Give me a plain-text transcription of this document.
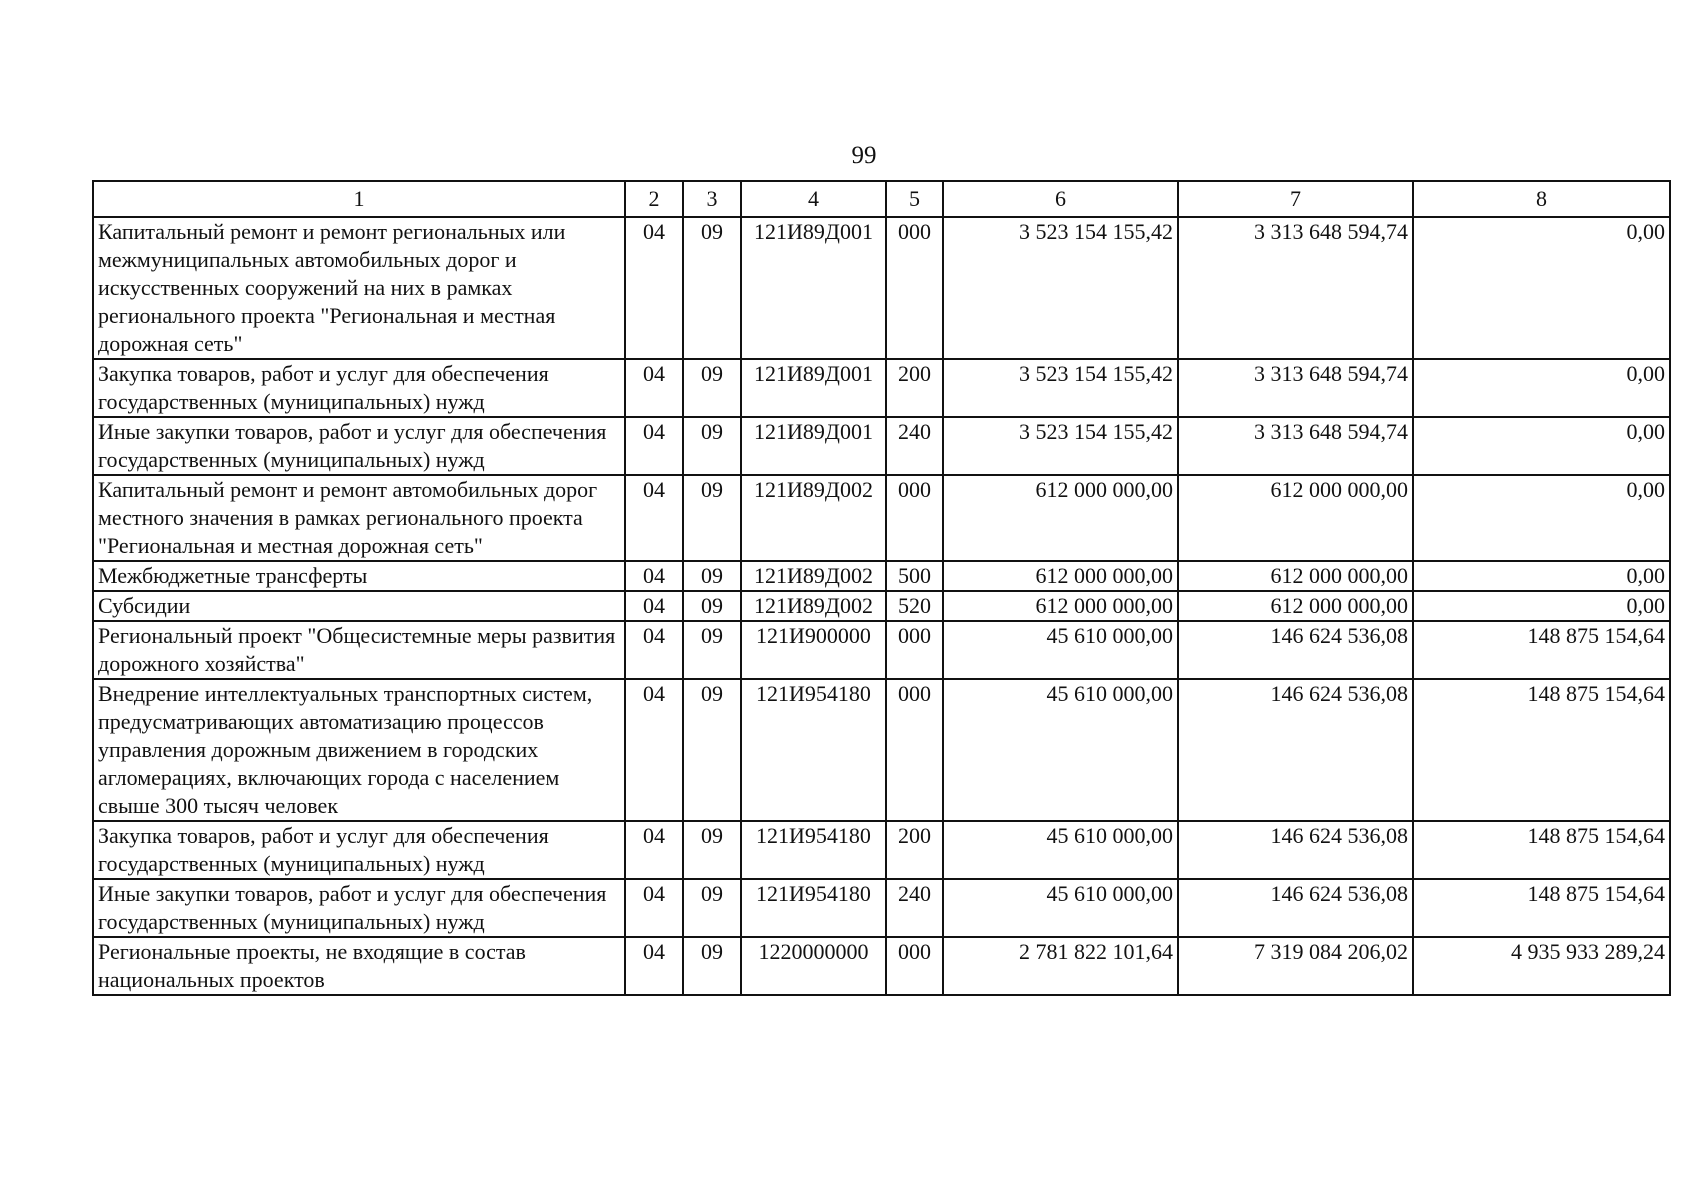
99
1	2	3	4	5	6	7	8
Капитальный ремонт и ремонт региональных или межмуниципальных автомобильных дорог и искусственных сооружений на них в рамках регионального проекта "Региональная и местная дорожная сеть"	04	09	121И89Д001	000	3 523 154 155,42	3 313 648 594,74	0,00
Закупка товаров, работ и услуг для обеспечения государственных (муниципальных) нужд	04	09	121И89Д001	200	3 523 154 155,42	3 313 648 594,74	0,00
Иные закупки товаров, работ и услуг для обеспечения государственных (муниципальных) нужд	04	09	121И89Д001	240	3 523 154 155,42	3 313 648 594,74	0,00
Капитальный ремонт и ремонт автомобильных дорог местного значения в рамках регионального проекта "Региональная и местная дорожная сеть"	04	09	121И89Д002	000	612 000 000,00	612 000 000,00	0,00
Межбюджетные трансферты	04	09	121И89Д002	500	612 000 000,00	612 000 000,00	0,00
Субсидии	04	09	121И89Д002	520	612 000 000,00	612 000 000,00	0,00
Региональный проект "Общесистемные меры развития дорожного хозяйства"	04	09	121И900000	000	45 610 000,00	146 624 536,08	148 875 154,64
Внедрение интеллектуальных транспортных систем, предусматривающих автоматизацию процессов управления дорожным движением в городских агломерациях, включающих города с населением свыше 300 тысяч человек	04	09	121И954180	000	45 610 000,00	146 624 536,08	148 875 154,64
Закупка товаров, работ и услуг для обеспечения государственных (муниципальных) нужд	04	09	121И954180	200	45 610 000,00	146 624 536,08	148 875 154,64
Иные закупки товаров, работ и услуг для обеспечения государственных (муниципальных) нужд	04	09	121И954180	240	45 610 000,00	146 624 536,08	148 875 154,64
Региональные проекты, не входящие в состав национальных проектов	04	09	1220000000	000	2 781 822 101,64	7 319 084 206,02	4 935 933 289,24
